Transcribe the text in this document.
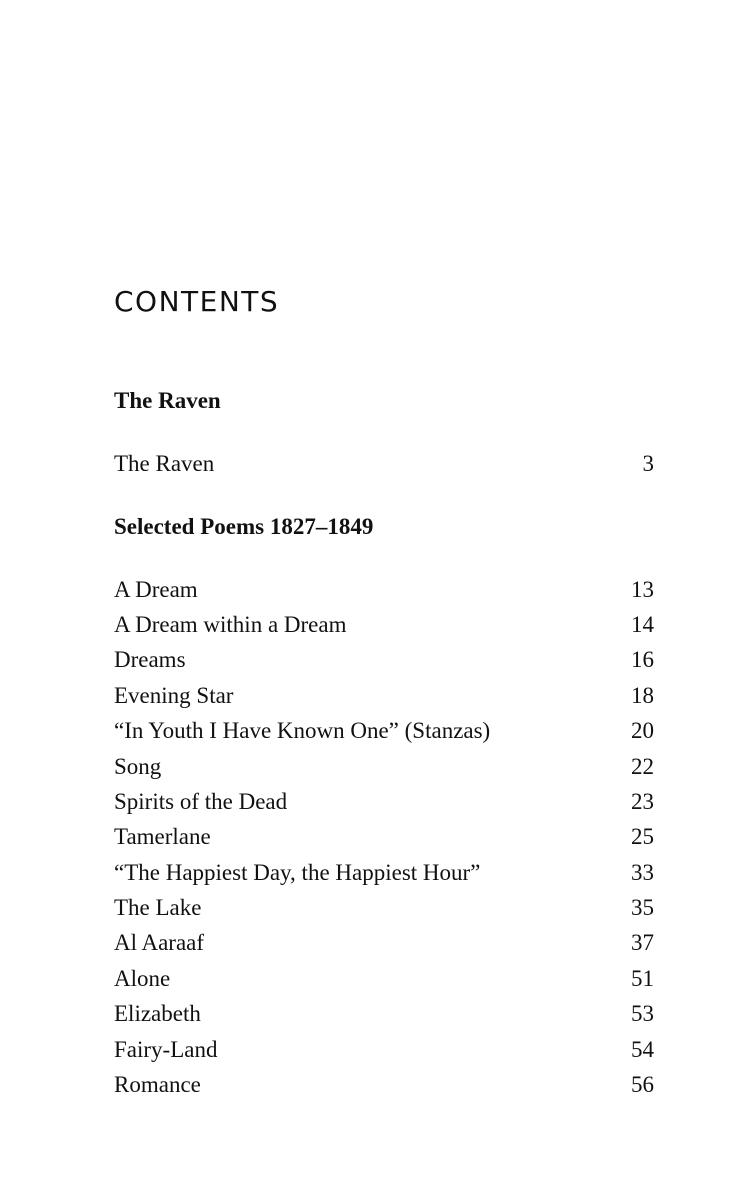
CONTENTS
The Raven
The Raven	3
Selected Poems 1827–1849
A Dream	13
A Dream within a Dream	14
Dreams	16
Evening Star	18
“In Youth I Have Known One” (Stanzas)	20
Song	22
Spirits of the Dead	23
Tamerlane	25
“The Happiest Day, the Happiest Hour”	33
The Lake	35
Al Aaraaf	37
Alone	51
Elizabeth	53
Fairy-Land	54
Romance	56
